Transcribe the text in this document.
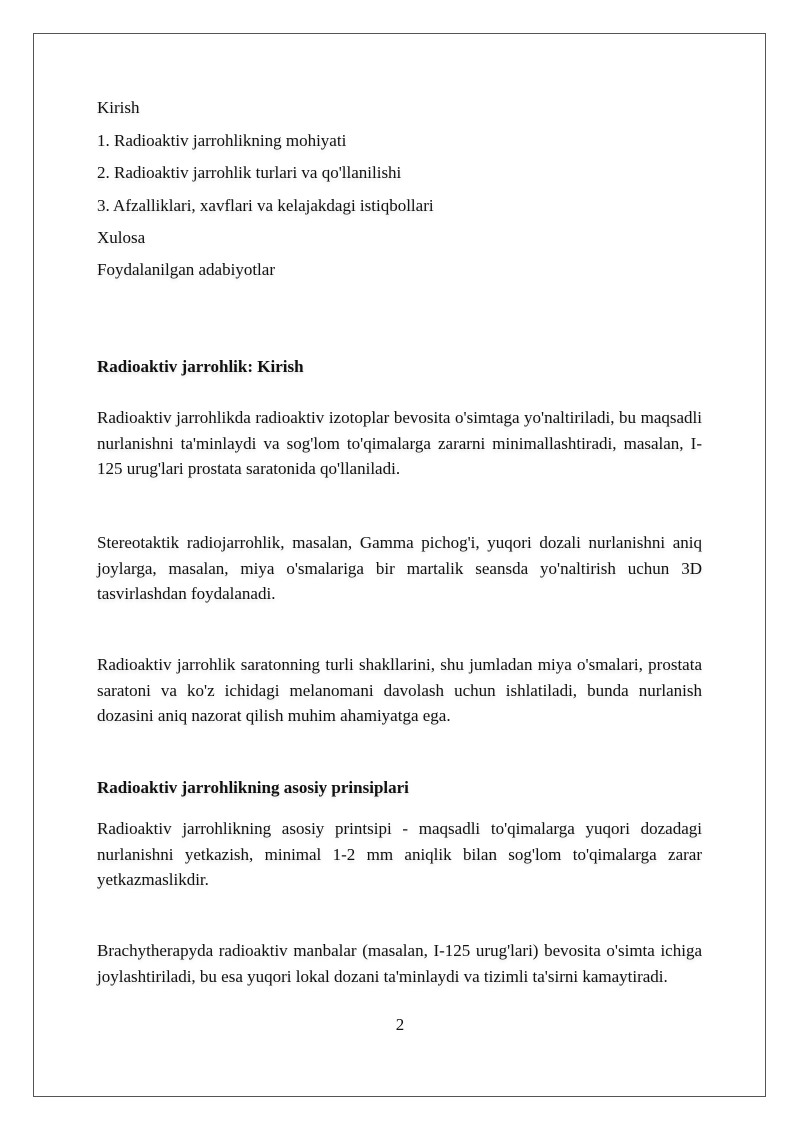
Kirish
1. Radioaktiv jarrohlikning mohiyati
2. Radioaktiv jarrohlik turlari va qo'llanilishi
3. Afzalliklari, xavflari va kelajakdagi istiqbollari
Xulosa
Foydalanilgan adabiyotlar
Radioaktiv jarrohlik: Kirish
Radioaktiv jarrohlikda radioaktiv izotoplar bevosita o'simtaga yo'naltiriladi, bu maqsadli nurlanishni ta'minlaydi va sog'lom to'qimalarga zararni minimallashtiradi, masalan, I-125 urug'lari prostata saratonida qo'llaniladi.
Stereotaktik radiojarrohlik, masalan, Gamma pichog'i, yuqori dozali nurlanishni aniq joylarga, masalan, miya o'smalariga bir martalik seansda yo'naltirish uchun 3D tasvirlashdan foydalanadi.
Radioaktiv jarrohlik saratonning turli shakllarini, shu jumladan miya o'smalari, prostata saratoni va ko'z ichidagi melanomani davolash uchun ishlatiladi, bunda nurlanish dozasini aniq nazorat qilish muhim ahamiyatga ega.
Radioaktiv jarrohlikning asosiy prinsiplari
Radioaktiv jarrohlikning asosiy printsipi - maqsadli to'qimalarga yuqori dozadagi nurlanishni yetkazish, minimal 1-2 mm aniqlik bilan sog'lom to'qimalarga zarar yetkazmaslikdir.
Brachytherapyda radioaktiv manbalar (masalan, I-125 urug'lari) bevosita o'simta ichiga joylashtiriladi, bu esa yuqori lokal dozani ta'minlaydi va tizimli ta'sirni kamaytiradi.
2
